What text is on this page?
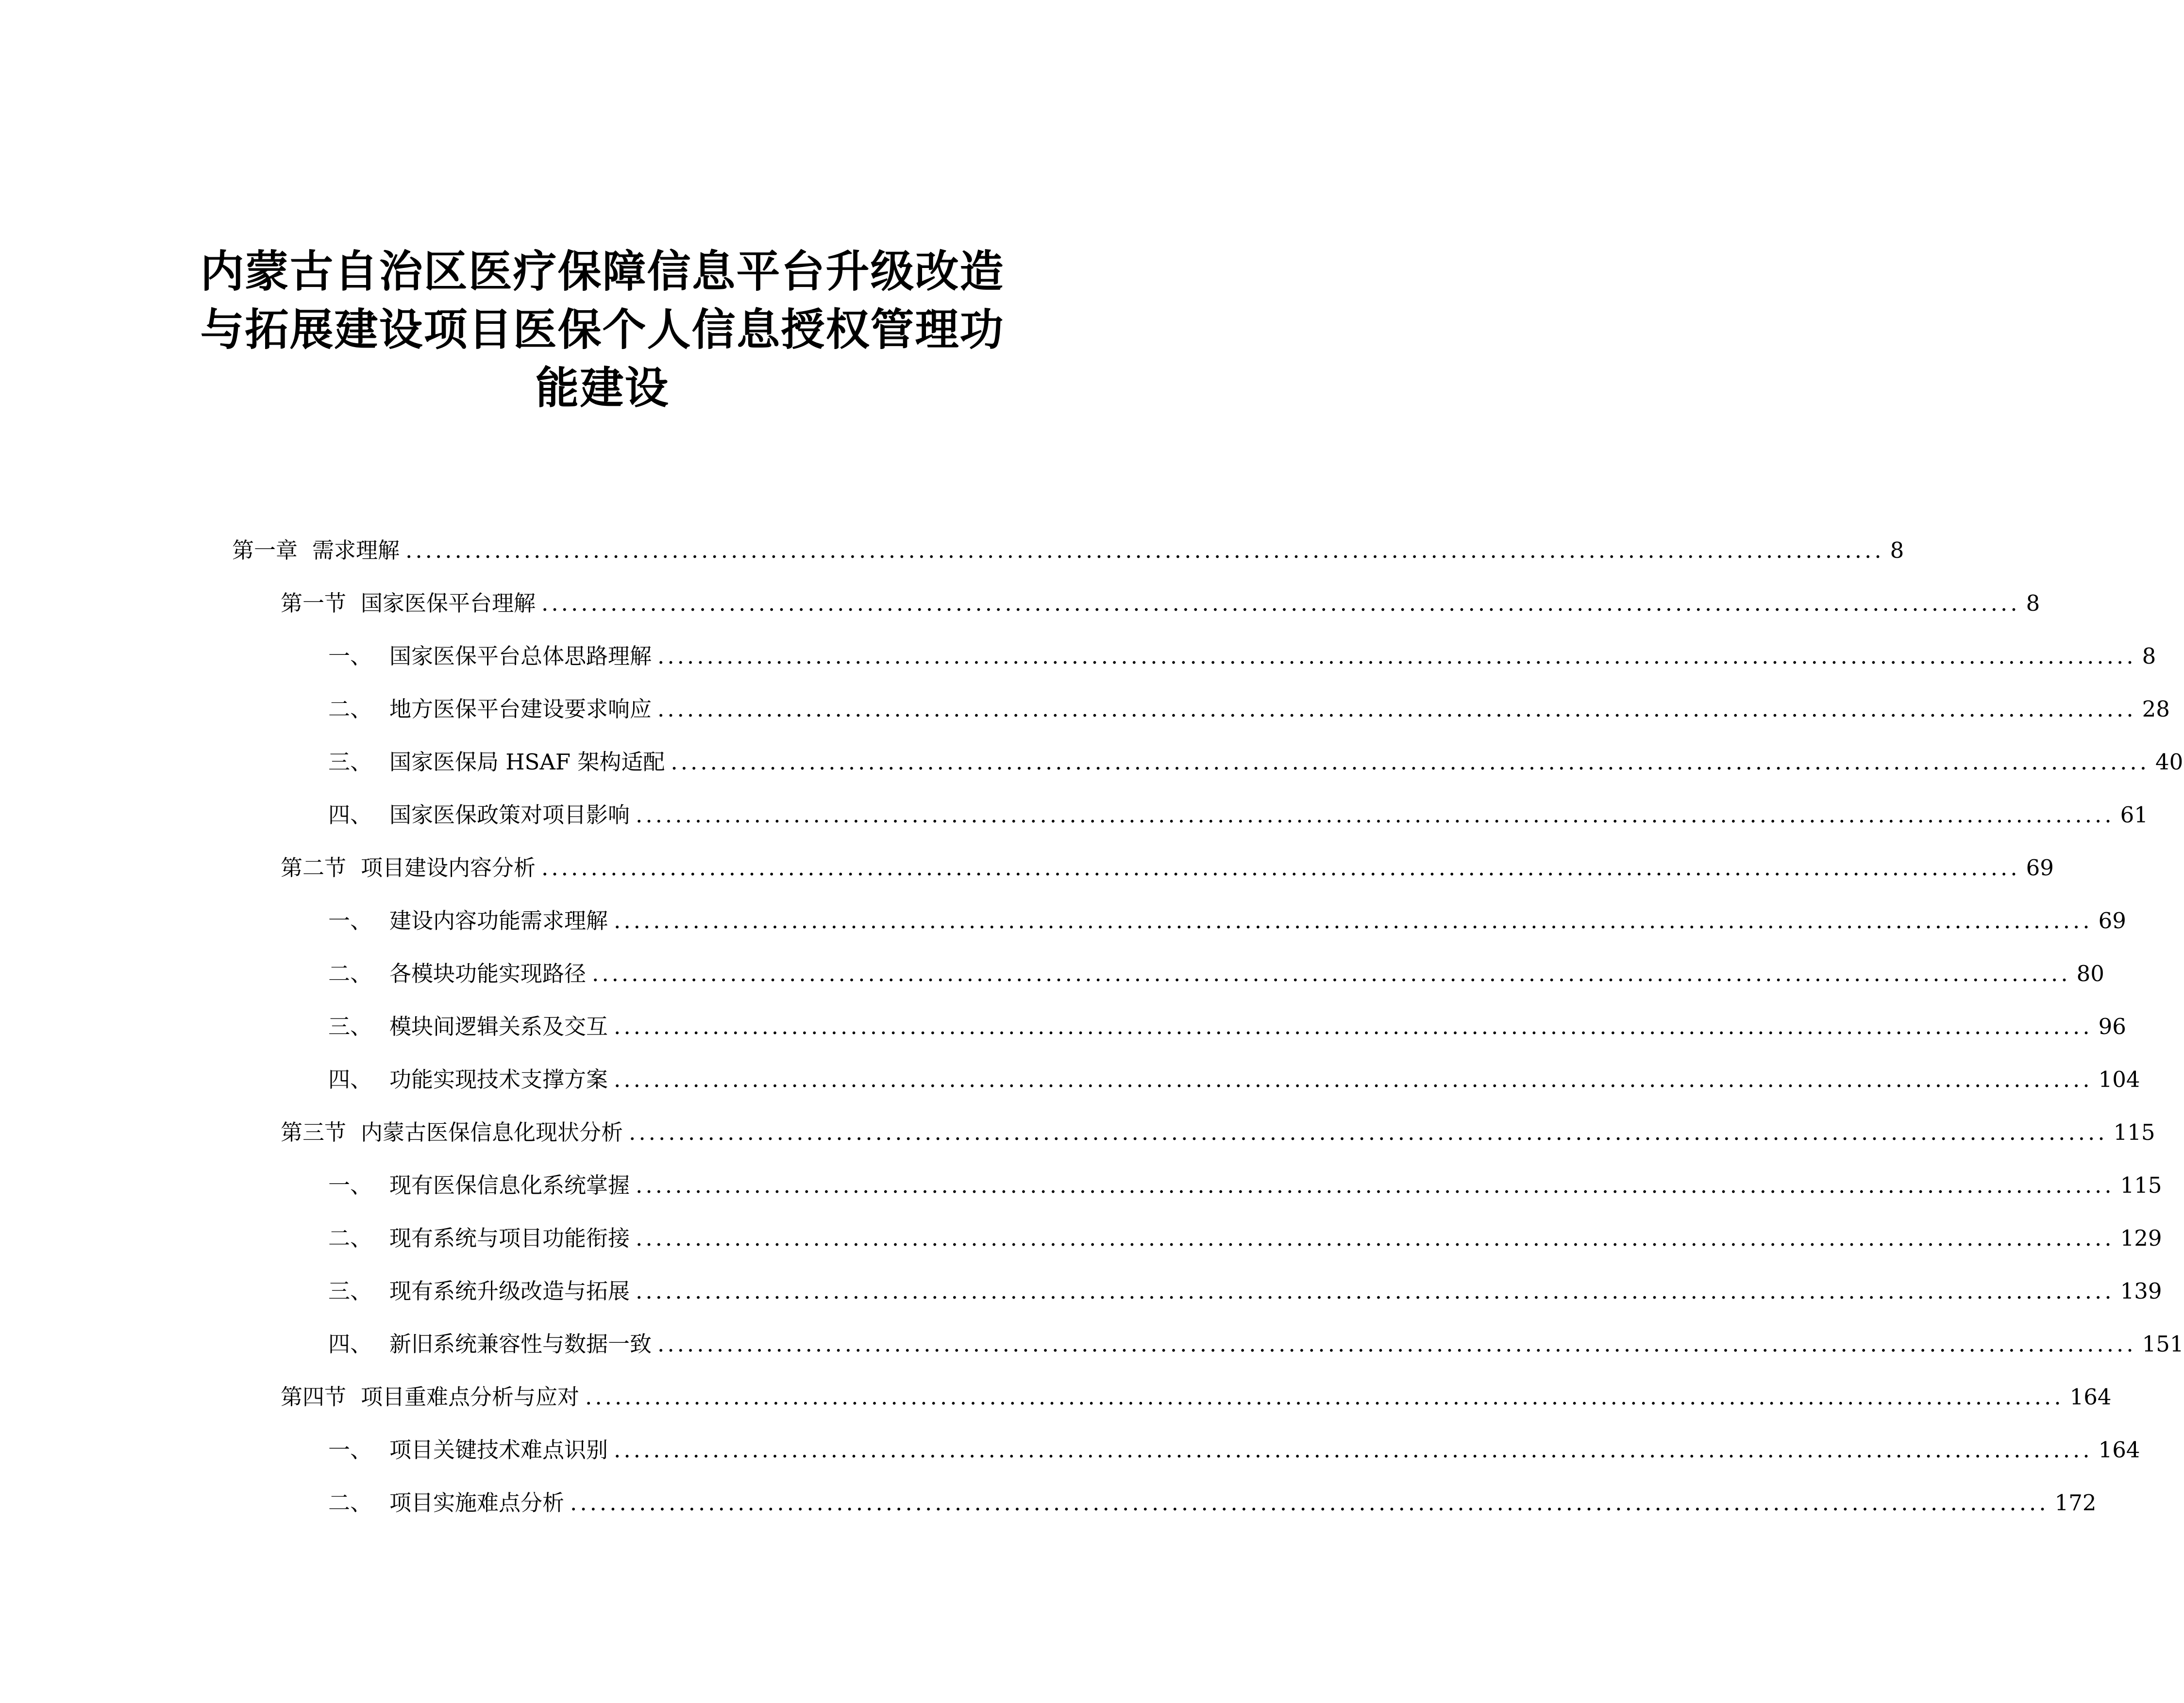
内蒙古自治区医疗保障信息平台升级改造
与拓展建设项目医保个人信息授权管理功
能建设
第一章 需求理解 ...................................................................................................................................................... 8
第一节 国家医保平台理解 ...................................................................................................................................................... 8
一、 国家医保平台总体思路理解 ...................................................................................................................................................... 8
二、 地方医保平台建设要求响应 ...................................................................................................................................................... 28
三、 国家医保局 HSAF 架构适配 ...................................................................................................................................................... 40
四、 国家医保政策对项目影响 ...................................................................................................................................................... 61
第二节 项目建设内容分析 ...................................................................................................................................................... 69
一、 建设内容功能需求理解 ...................................................................................................................................................... 69
二、 各模块功能实现路径 ...................................................................................................................................................... 80
三、 模块间逻辑关系及交互 ...................................................................................................................................................... 96
四、 功能实现技术支撑方案 ...................................................................................................................................................... 104
第三节 内蒙古医保信息化现状分析 ...................................................................................................................................................... 115
一、 现有医保信息化系统掌握 ...................................................................................................................................................... 115
二、 现有系统与项目功能衔接 ...................................................................................................................................................... 129
三、 现有系统升级改造与拓展 ...................................................................................................................................................... 139
四、 新旧系统兼容性与数据一致 ...................................................................................................................................................... 151
第四节 项目重难点分析与应对 ...................................................................................................................................................... 164
一、 项目关键技术难点识别 ...................................................................................................................................................... 164
二、 项目实施难点分析 ...................................................................................................................................................... 172
